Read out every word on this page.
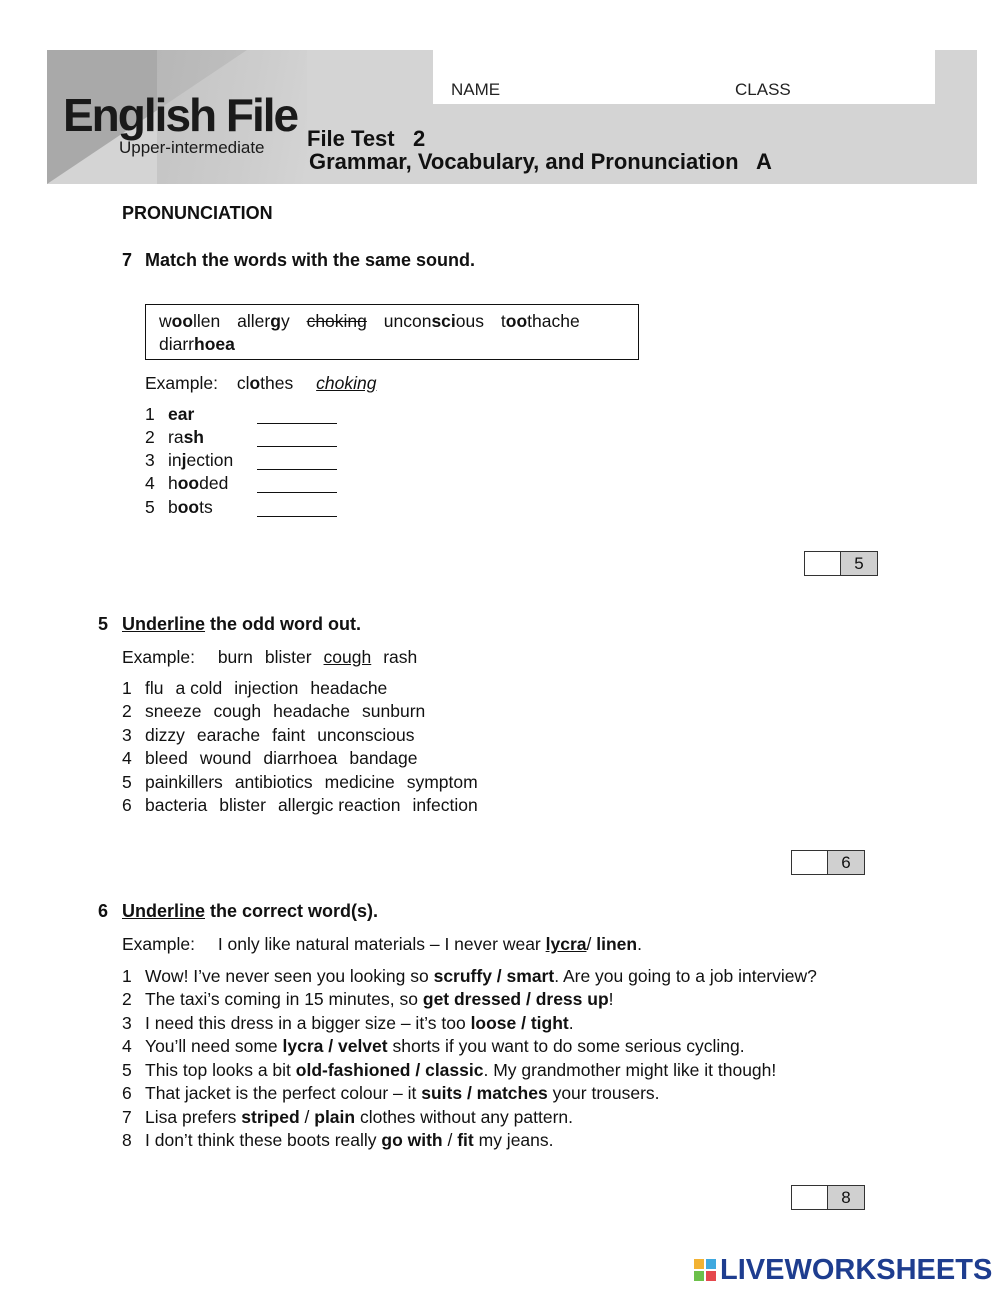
English File
Upper-intermediate
NAME	CLASS
File Test   2
Grammar, Vocabulary, and Pronunciation   A
PRONUNCIATION
7 Match the words with the same sound.
woollen allergy choking unconscious toothache
diarrhoea
Example: clothes choking
1 ear
2 rash
3 injection
4 hooded
5 boots
5
5 Underline the odd word out.
Example: burn blister cough rash
1 flu a cold injection headache
2 sneeze cough headache sunburn
3 dizzy earache faint unconscious
4 bleed wound diarrhoea bandage
5 painkillers antibiotics medicine symptom
6 bacteria blister allergic reaction infection
6
6 Underline the correct word(s).
Example: I only like natural materials – I never wear lycra/ linen.
1 Wow! I’ve never seen you looking so scruffy / smart. Are you going to a job interview?
2 The taxi’s coming in 15 minutes, so get dressed / dress up!
3 I need this dress in a bigger size – it’s too loose / tight.
4 You’ll need some lycra / velvet shorts if you want to do some serious cycling.
5 This top looks a bit old-fashioned / classic. My grandmother might like it though!
6 That jacket is the perfect colour – it suits / matches your trousers.
7 Lisa prefers striped / plain clothes without any pattern.
8 I don’t think these boots really go with / fit my jeans.
8
LIVEWORKSHEETS
